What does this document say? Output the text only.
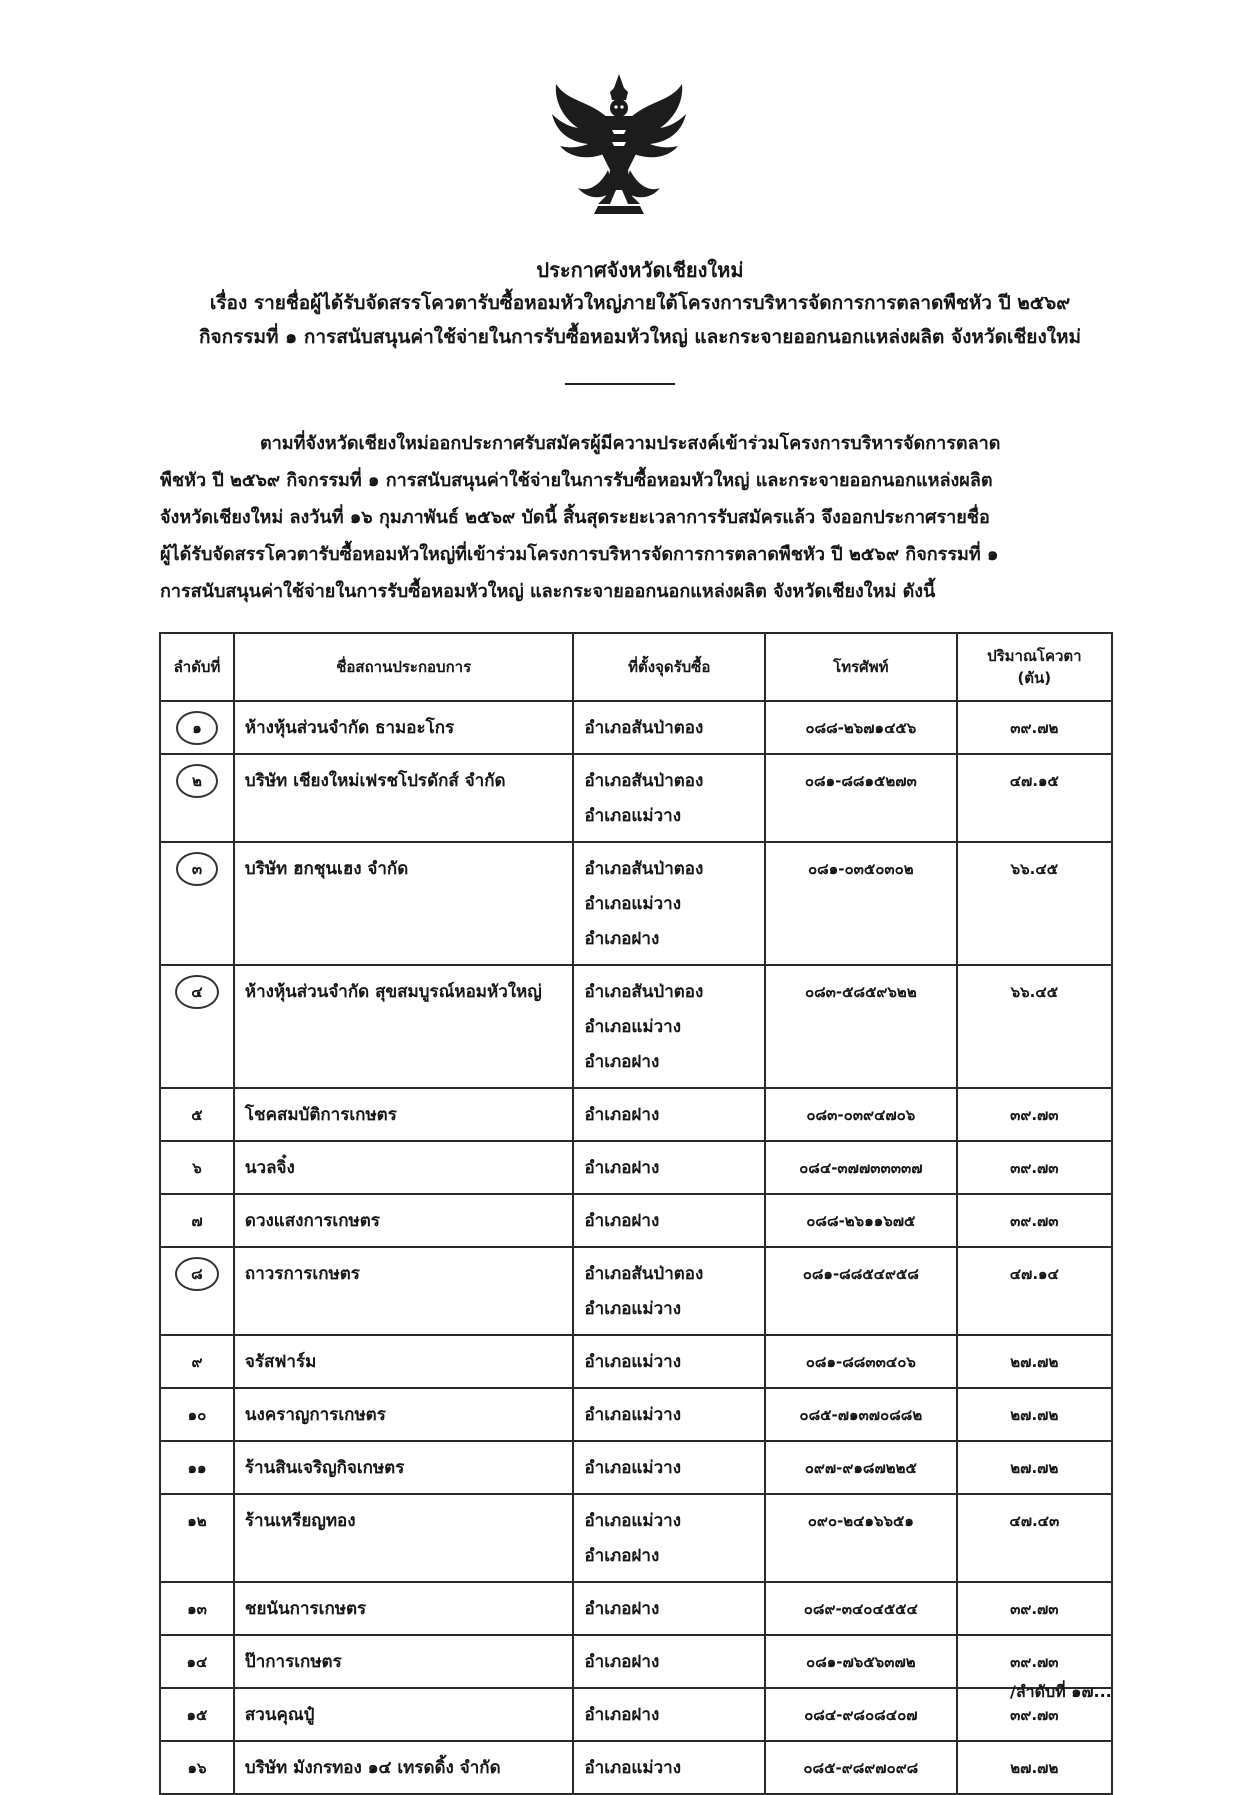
ประกาศจังหวัดเชียงใหม่
เรื่อง รายชื่อผู้ได้รับจัดสรรโควตารับซื้อหอมหัวใหญ่ภายใต้โครงการบริหารจัดการการตลาดพืชหัว ปี ๒๕๖๙
กิจกรรมที่ ๑ การสนับสนุนค่าใช้จ่ายในการรับซื้อหอมหัวใหญ่ และกระจายออกนอกแหล่งผลิต จังหวัดเชียงใหม่
ตามที่จังหวัดเชียงใหม่ออกประกาศรับสมัครผู้มีความประสงค์เข้าร่วมโครงการบริหารจัดการตลาด
พืชหัว ปี ๒๕๖๙ กิจกรรมที่ ๑ การสนับสนุนค่าใช้จ่ายในการรับซื้อหอมหัวใหญ่ และกระจายออกนอกแหล่งผลิต
จังหวัดเชียงใหม่ ลงวันที่ ๑๖ กุมภาพันธ์ ๒๕๖๙ บัดนี้ สิ้นสุดระยะเวลาการรับสมัครแล้ว จึงออกประกาศรายชื่อ
ผู้ได้รับจัดสรรโควตารับซื้อหอมหัวใหญ่ที่เข้าร่วมโครงการบริหารจัดการการตลาดพืชหัว ปี ๒๕๖๙ กิจกรรมที่ ๑
การสนับสนุนค่าใช้จ่ายในการรับซื้อหอมหัวใหญ่ และกระจายออกนอกแหล่งผลิต จังหวัดเชียงใหม่ ดังนี้
ลำดับที่	ชื่อสถานประกอบการ	ที่ตั้งจุดรับซื้อ	โทรศัพท์	ปริมาณโควตา
(ตัน)

๑	ห้างหุ้นส่วนจำกัด ธามอะโกร	อำเภอสันป่าตอง	๐๘๘-๒๖๗๑๔๕๖	๓๙.๗๒
๒	บริษัท เชียงใหม่เฟรชโปรดักส์ จำกัด	อำเภอสันป่าตอง
อำเภอแม่วาง	๐๘๑-๘๘๑๕๒๗๓	๔๗.๑๕
๓	บริษัท ฮกชุนเฮง จำกัด	อำเภอสันป่าตอง
อำเภอแม่วาง
อำเภอฝาง	๐๘๑-๐๓๕๐๓๐๒	๖๖.๔๕
๔	ห้างหุ้นส่วนจำกัด สุขสมบูรณ์หอมหัวใหญ่	อำเภอสันป่าตอง
อำเภอแม่วาง
อำเภอฝาง	๐๘๓-๕๘๕๙๖๒๒	๖๖.๔๕
๕	โชคสมบัติการเกษตร	อำเภอฝาง	๐๘๓-๐๓๙๔๗๐๖	๓๙.๗๓
๖	นวลจิ๋ง	อำเภอฝาง	๐๘๔-๓๗๗๓๓๓๓๗	๓๙.๗๓
๗	ดวงแสงการเกษตร	อำเภอฝาง	๐๘๘-๒๖๑๑๖๗๕	๓๙.๗๓
๘	ถาวรการเกษตร	อำเภอสันป่าตอง
อำเภอแม่วาง	๐๘๑-๘๘๕๔๙๕๘	๔๗.๑๔
๙	จรัสฟาร์ม	อำเภอแม่วาง	๐๘๑-๘๘๓๓๔๐๖	๒๗.๗๒
๑๐	นงคราญการเกษตร	อำเภอแม่วาง	๐๘๕-๗๑๓๗๐๘๘๒	๒๗.๗๒
๑๑	ร้านสินเจริญกิจเกษตร	อำเภอแม่วาง	๐๙๗-๙๑๘๗๒๒๕	๒๗.๗๒
๑๒	ร้านเหรียญทอง	อำเภอแม่วาง
อำเภอฝาง	๐๙๐-๒๔๑๖๖๕๑	๔๗.๔๓
๑๓	ชยนันการเกษตร	อำเภอฝาง	๐๘๙-๓๔๐๔๕๕๔	๓๙.๗๓
๑๔	ป๊าการเกษตร	อำเภอฝาง	๐๘๑-๗๖๕๖๓๗๒	๓๙.๗๓
๑๕	สวนคุณปู๋	อำเภอฝาง	๐๘๔-๙๘๐๘๔๐๗	๓๙.๗๓
๑๖	บริษัท มังกรทอง ๑๔ เทรดดิ้ง จำกัด	อำเภอแม่วาง	๐๘๕-๙๘๙๗๐๙๘	๒๗.๗๒
/ลำดับที่ ๑๗...
